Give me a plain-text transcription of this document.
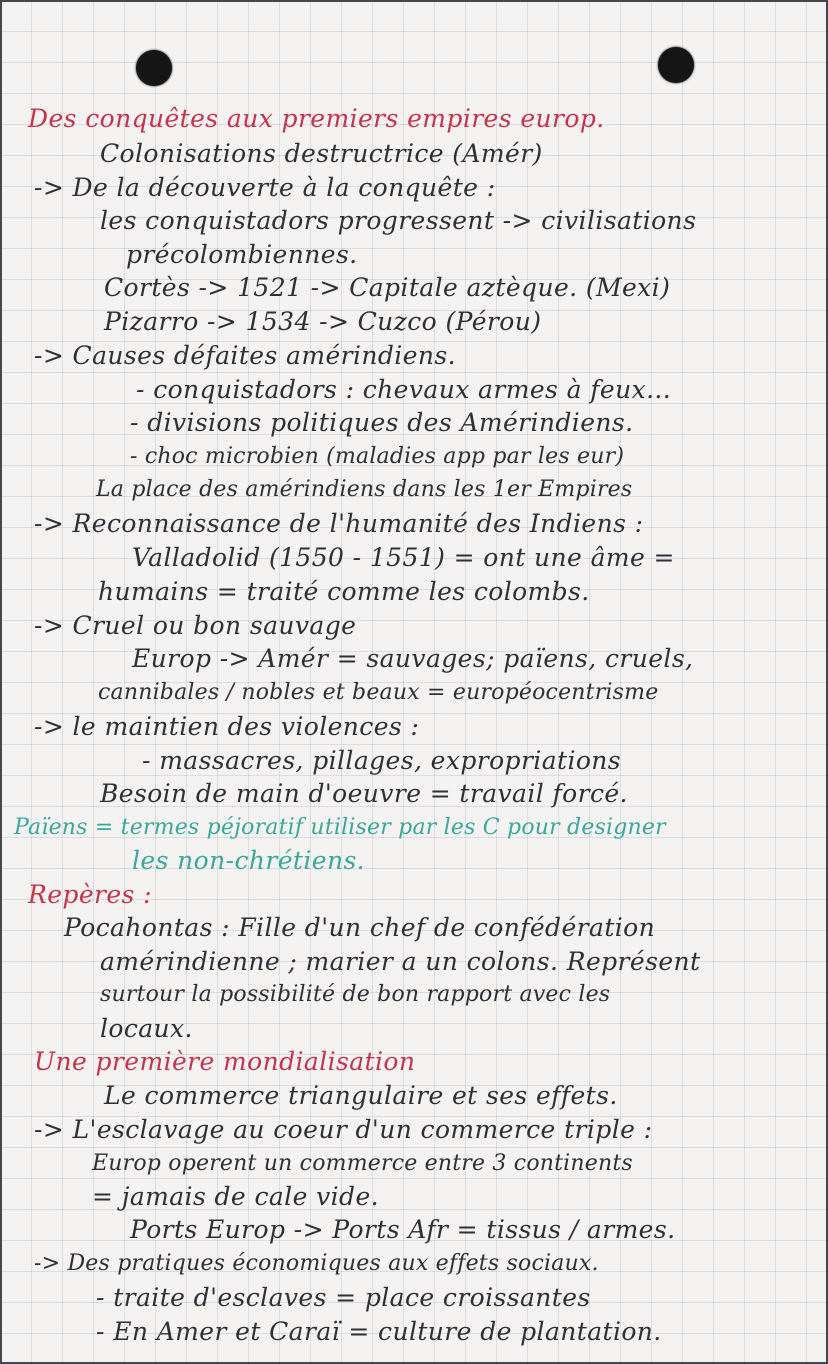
Des conquêtes aux premiers empires europ.
Colonisations destructrice (Amér)
-> De la découverte à la conquête :
les conquistadors progressent -> civilisations
précolombiennes.
Cortès -> 1521 -> Capitale aztèque. (Mexi)
Pizarro -> 1534 -> Cuzco (Pérou)
-> Causes défaites amérindiens.
- conquistadors : chevaux armes à feux...
- divisions politiques des Amérindiens.
- choc microbien (maladies app par les eur)
La place des amérindiens dans les 1er Empires
-> Reconnaissance de l'humanité des Indiens :
Valladolid (1550 - 1551) = ont une âme =
humains = traité comme les colombs.
-> Cruel ou bon sauvage
Europ -> Amér = sauvages; païens, cruels,
cannibales / nobles et beaux = européocentrisme
-> le maintien des violences :
- massacres, pillages, expropriations
Besoin de main d'oeuvre = travail forcé.
Païens = termes péjoratif utiliser par les C pour designer
les non-chrétiens.
Repères :
Pocahontas : Fille d'un chef de confédération
amérindienne ; marier a un colons. Représent
surtour la possibilité de bon rapport avec les
locaux.
Une première mondialisation
Le commerce triangulaire et ses effets.
-> L'esclavage au coeur d'un commerce triple :
Europ operent un commerce entre 3 continents
= jamais de cale vide.
Ports Europ -> Ports Afr = tissus / armes.
-> Des pratiques économiques aux effets sociaux.
- traite d'esclaves = place croissantes
- En Amer et Caraï = culture de plantation.
